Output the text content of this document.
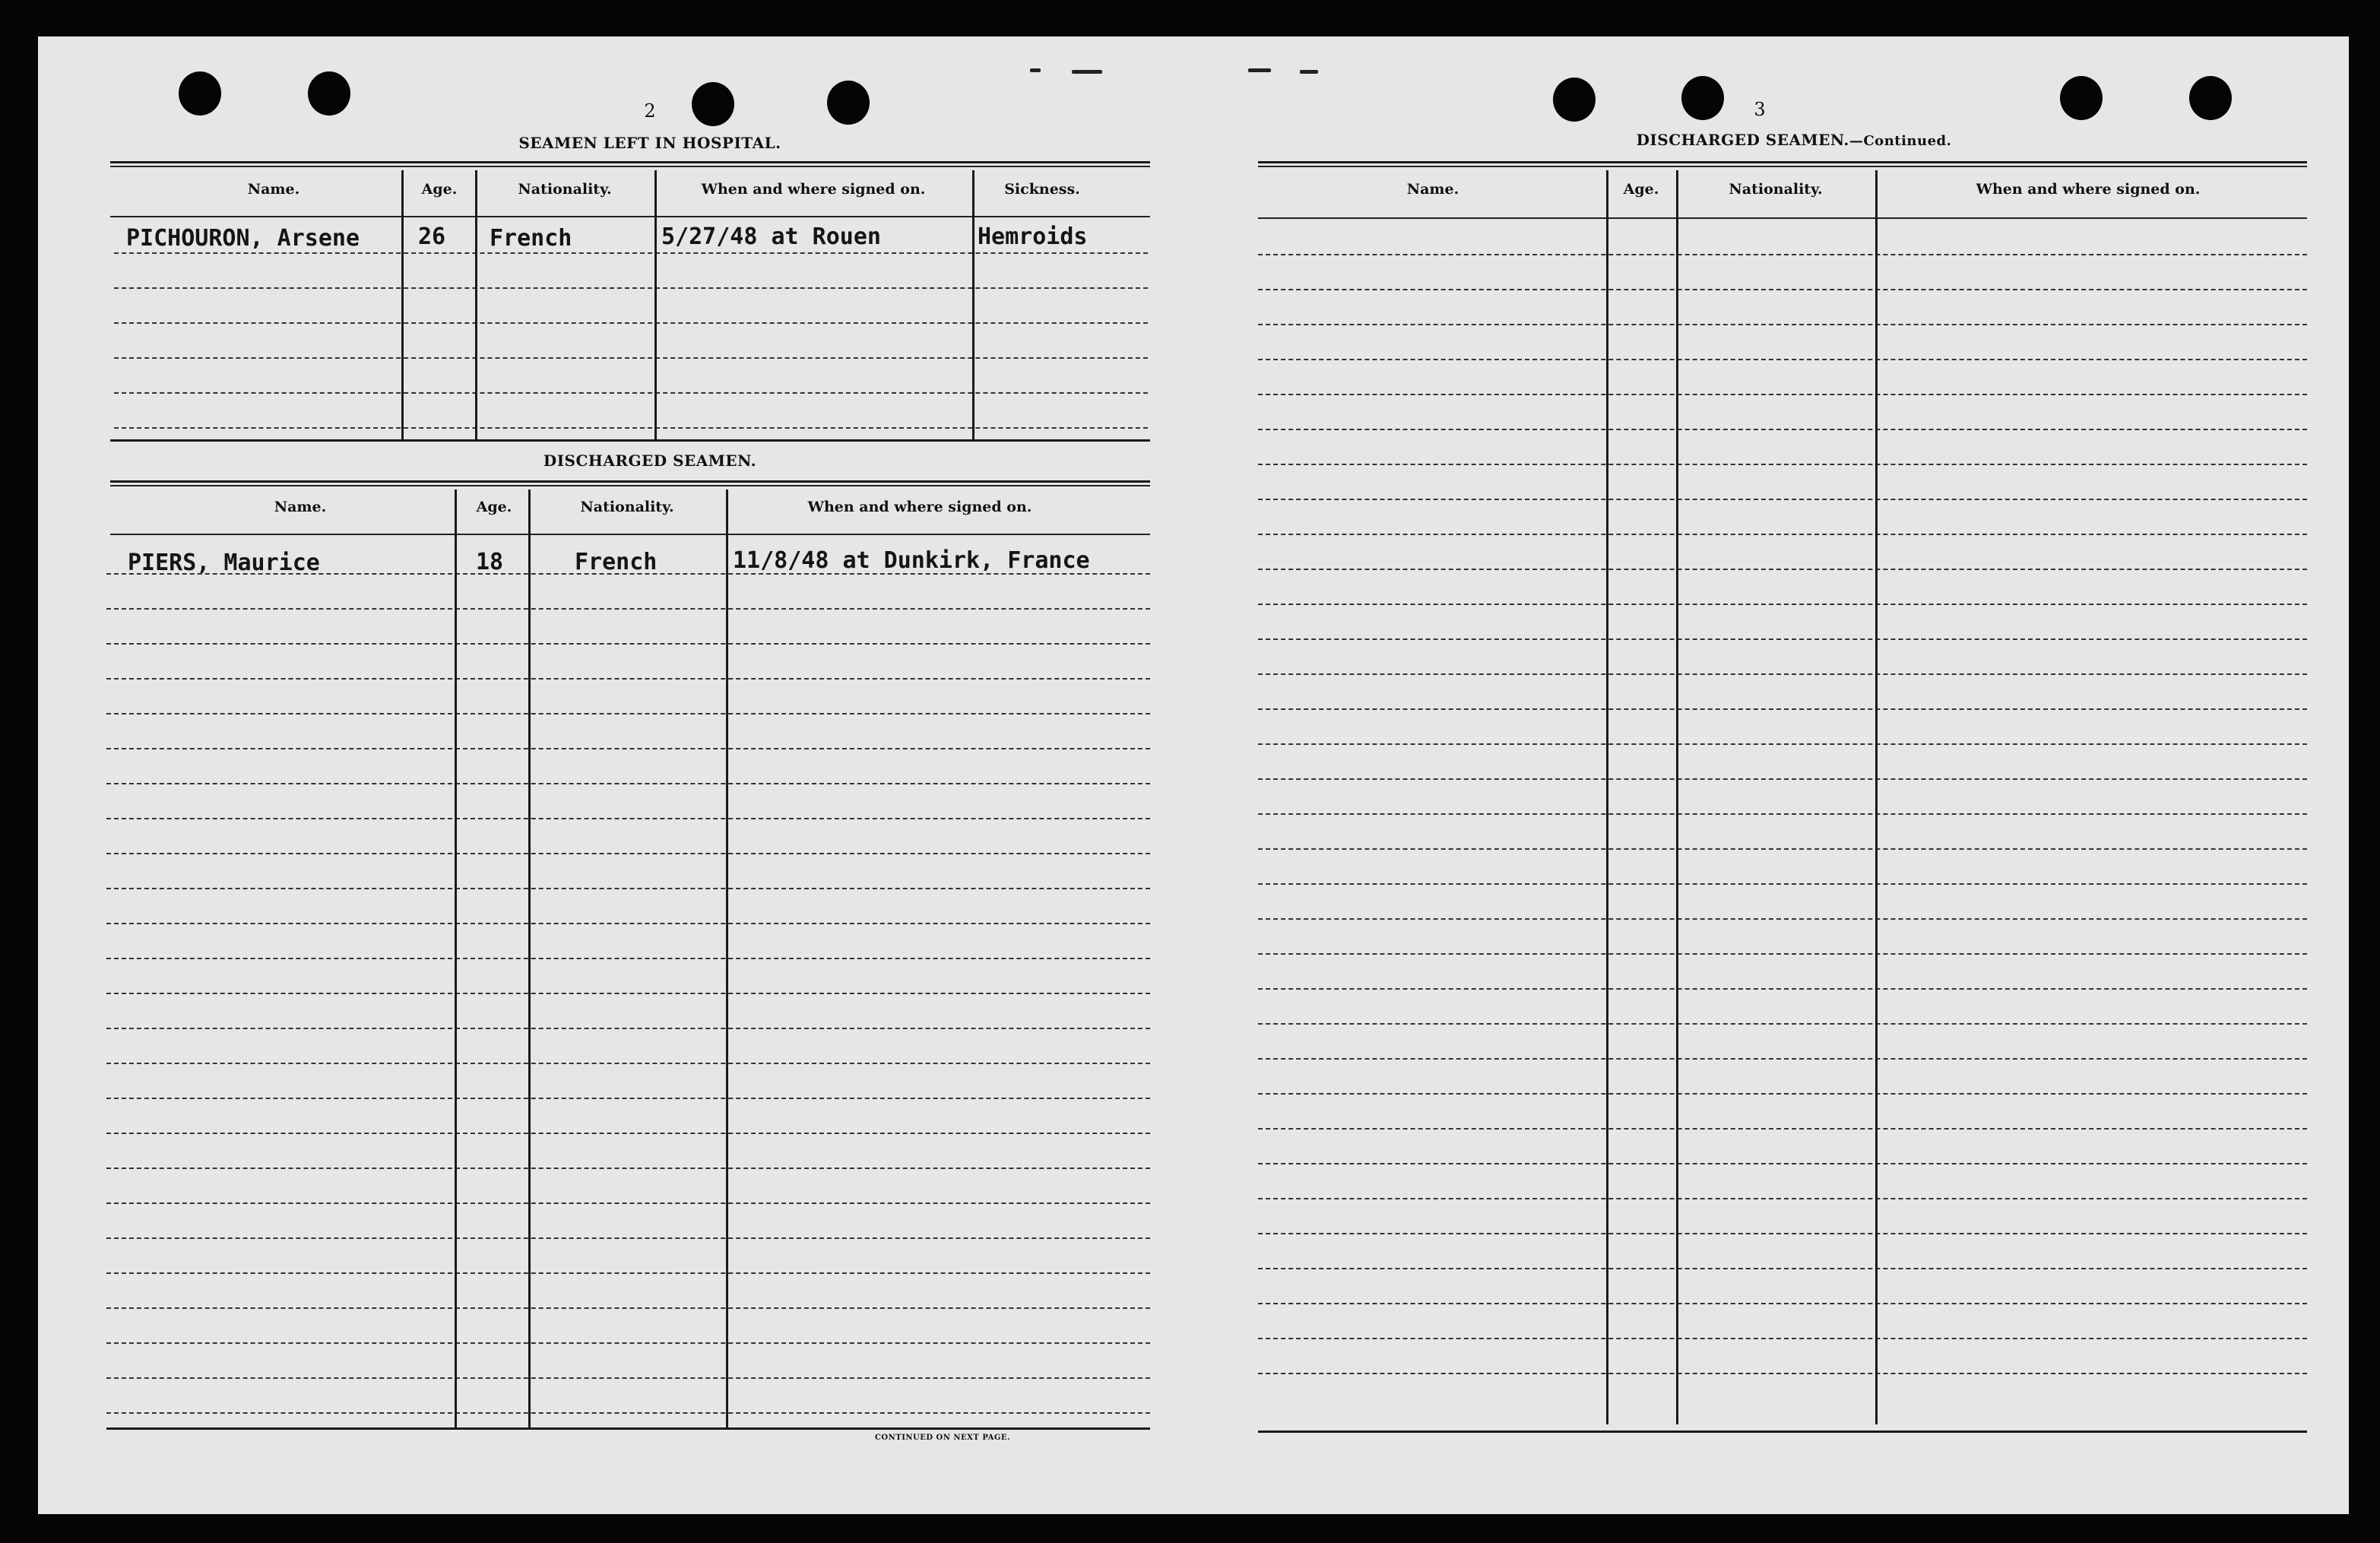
2
SEAMEN LEFT IN HOSPITAL.
Name.	Age.	Nationality.	When and where signed on.	Sickness.
PICHOURON, Arsene	26 French	5/27/48 at Rouen	Hemroids
DISCHARGED SEAMEN.
Name.	Age.	Nationality.	When and where signed on.
PIERS, Maurice	18	French	11/8/48 at Dunkirk, France
CONTINUED ON NEXT PAGE.
3
DISCHARGED SEAMEN.—Continued.
Name.	Age.	Nationality.	When and where signed on.
